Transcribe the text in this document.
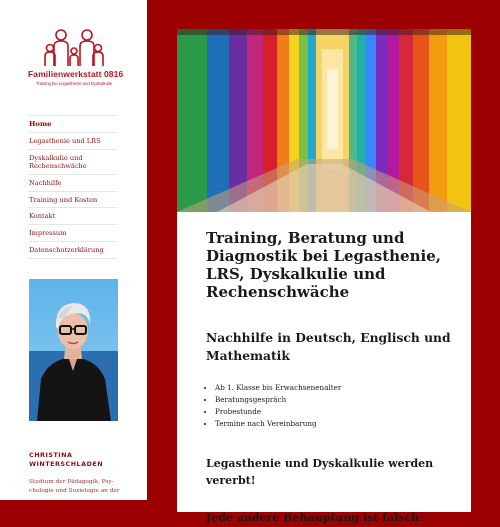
Familienwerkstatt 0816
Training bei Legasthenie und Dyskalkulie
Home
Legasthenie und LRS
Dyskalkulie und Rechenschwäche
Nachhilfe
Training und Kosten
Kontakt
Impressum
Datenschutzerklärung
CHRISTINA WINTERSCHLADEN
Studium der Pädagogik, Psy-chologie und Soziologie an der
Training, Beratung und Diagnostik bei Legasthenie, LRS, Dyskalkulie und Rechenschwäche
Nachhilfe in Deutsch, Englisch und Mathematik
• Ab 1. Klasse bis Erwachsenenalter
• Beratungsgespräch
• Probestunde
• Termine nach Vereinbarung
Legasthenie und Dyskalkulie werden vererbt!
Jede andere Behauptung ist falsch!
